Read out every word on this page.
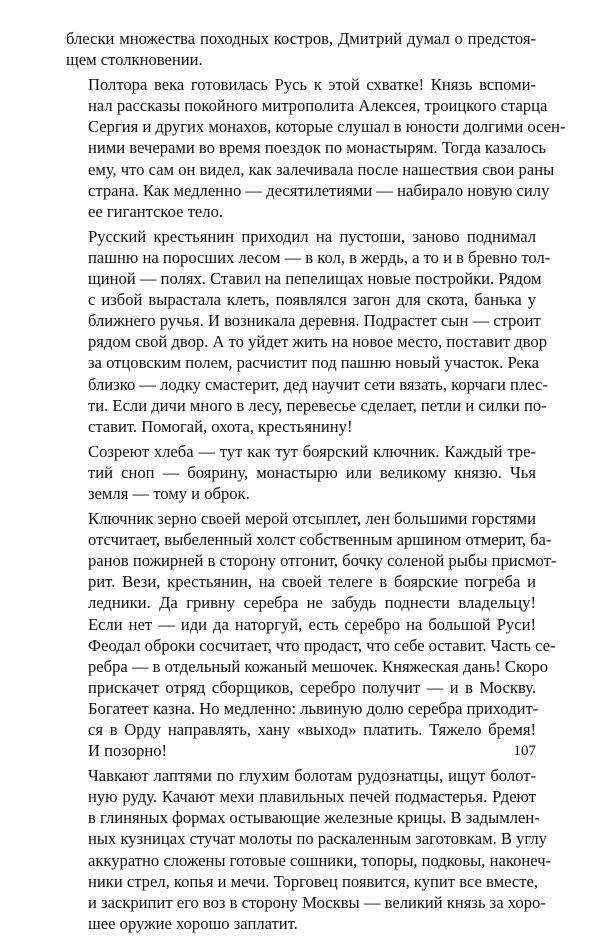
блески множества походных костров, Дмитрий думал о предстоя-
щем столкновении.

Полтора века готовилась Русь к этой схватке! Князь вспоми-
нал рассказы покойного митрополита Алексея, троицкого старца
Сергия и других монахов, которые слушал в юности долгими осен-
ними вечерами во время поездок по монастырям. Тогда казалось
ему, что сам он видел, как залечивала после нашествия свои раны
страна. Как медленно — десятилетиями — набирало новую силу
ее гигантское тело.

Русский крестьянин приходил на пустоши, заново поднимал
пашню на поросших лесом — в кол, в жердь, а то и в бревно тол-
щиной — полях. Ставил на пепелищах новые постройки. Рядом
с избой вырастала клеть, появлялся загон для скота, банька у
ближнего ручья. И возникала деревня. Подрастет сын — строит
рядом свой двор. А то уйдет жить на новое место, поставит двор
за отцовским полем, расчистит под пашню новый участок. Река
близко — лодку смастерит, дед научит сети вязать, корчаги плес-
ти. Если дичи много в лесу, перевесье сделает, петли и силки по-
ставит. Помогай, охота, крестьянину!

Созреют хлеба — тут как тут боярский ключник. Каждый тре-
тий сноп — боярину, монастырю или великому князю. Чья
земля — тому и оброк.

Ключник зерно своей мерой отсыплет, лен большими горстями
отсчитает, выбеленный холст собственным аршином отмерит, ба-
ранов пожирней в сторону отгонит, бочку соленой рыбы присмот-
рит. Вези, крестьянин, на своей телеге в боярские погреба и
ледники. Да гривну серебра не забудь поднести владельцу!
Если нет — иди да наторгуй, есть серебро на большой Руси!
Феодал оброки сосчитает, что продаст, что себе оставит. Часть се-
ребра — в отдельный кожаный мешочек. Княжеская дань! Скоро
прискачет отряд сборщиков, серебро получит — и в Москву.
Богатеет казна. Но медленно: львиную долю серебра приходит-
ся в Орду направлять, хану «выход» платить. Тяжело бремя!
И позорно!

Чавкают лаптями по глухим болотам рудознатцы, ищут болот-
ную руду. Качают мехи плавильных печей подмастерья. Рдеют
в глиняных формах остывающие железные крицы. В задымлен-
ных кузницах стучат молоты по раскаленным заготовкам. В углу
аккуратно сложены готовые сошники, топоры, подковы, наконеч-
ники стрел, копья и мечи. Торговец появится, купит все вместе,
и заскрипит его воз в сторону Москвы — великий князь за хоро-
шее оружие хорошо заплатит.

107
